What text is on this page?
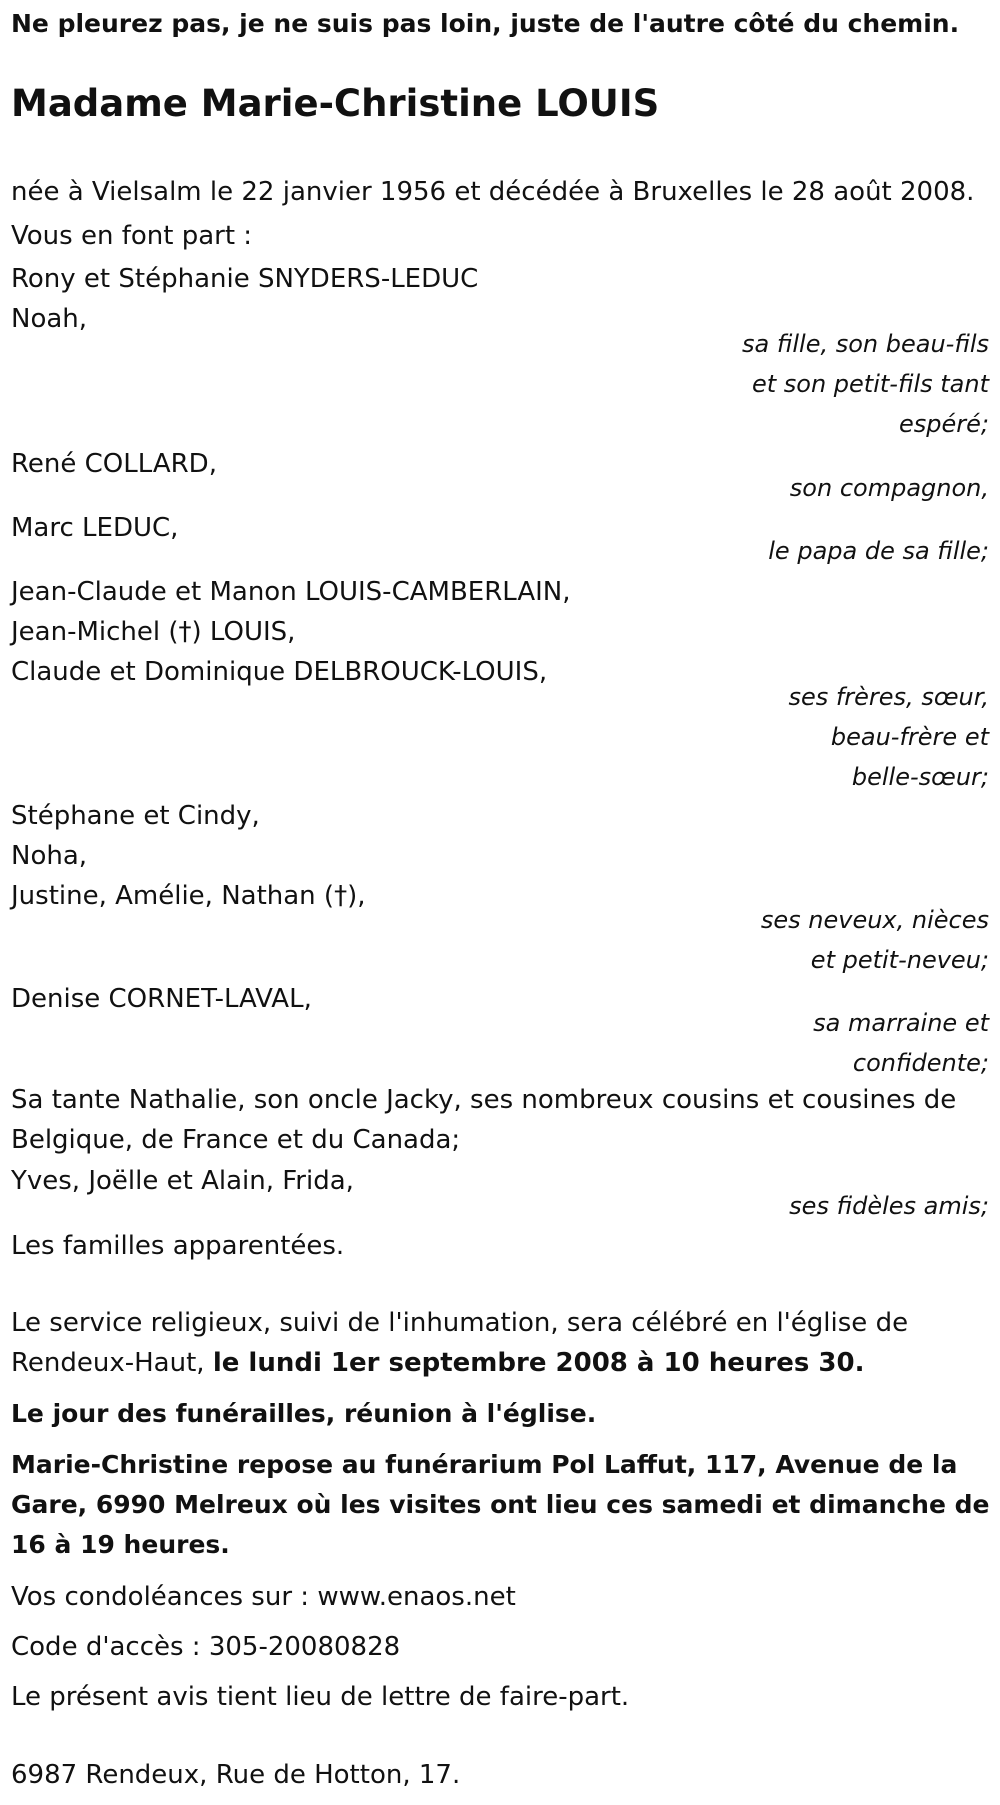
Ne pleurez pas, je ne suis pas loin, juste de l'autre côté du chemin.
Madame Marie-Christine LOUIS
née à Vielsalm le 22 janvier 1956 et décédée à Bruxelles le 28 août 2008.
Vous en font part :
Rony et Stéphanie SNYDERS-LEDUC
Noah,
sa fille, son beau-fils
et son petit-fils tant
espéré;
René COLLARD,
son compagnon,
Marc LEDUC,
le papa de sa fille;
Jean-Claude et Manon LOUIS-CAMBERLAIN,
Jean-Michel (†) LOUIS,
Claude et Dominique DELBROUCK-LOUIS,
ses frères, sœur,
beau-frère et
belle-sœur;
Stéphane et Cindy,
Noha,
Justine, Amélie, Nathan (†),
ses neveux, nièces
et petit-neveu;
Denise CORNET-LAVAL,
sa marraine et
confidente;
Sa tante Nathalie, son oncle Jacky, ses nombreux cousins et cousines de
Belgique, de France et du Canada;
Yves, Joëlle et Alain, Frida,
ses fidèles amis;
Les familles apparentées.
Le service religieux, suivi de l'inhumation, sera célébré en l'église de
Rendeux-Haut, le lundi 1er septembre 2008 à 10 heures 30.
Le jour des funérailles, réunion à l'église.
Marie-Christine repose au funérarium Pol Laffut, 117, Avenue de la
Gare, 6990 Melreux où les visites ont lieu ces samedi et dimanche de
16 à 19 heures.
Vos condoléances sur : www.enaos.net
Code d'accès : 305-20080828
Le présent avis tient lieu de lettre de faire-part.
6987 Rendeux, Rue de Hotton, 17.
